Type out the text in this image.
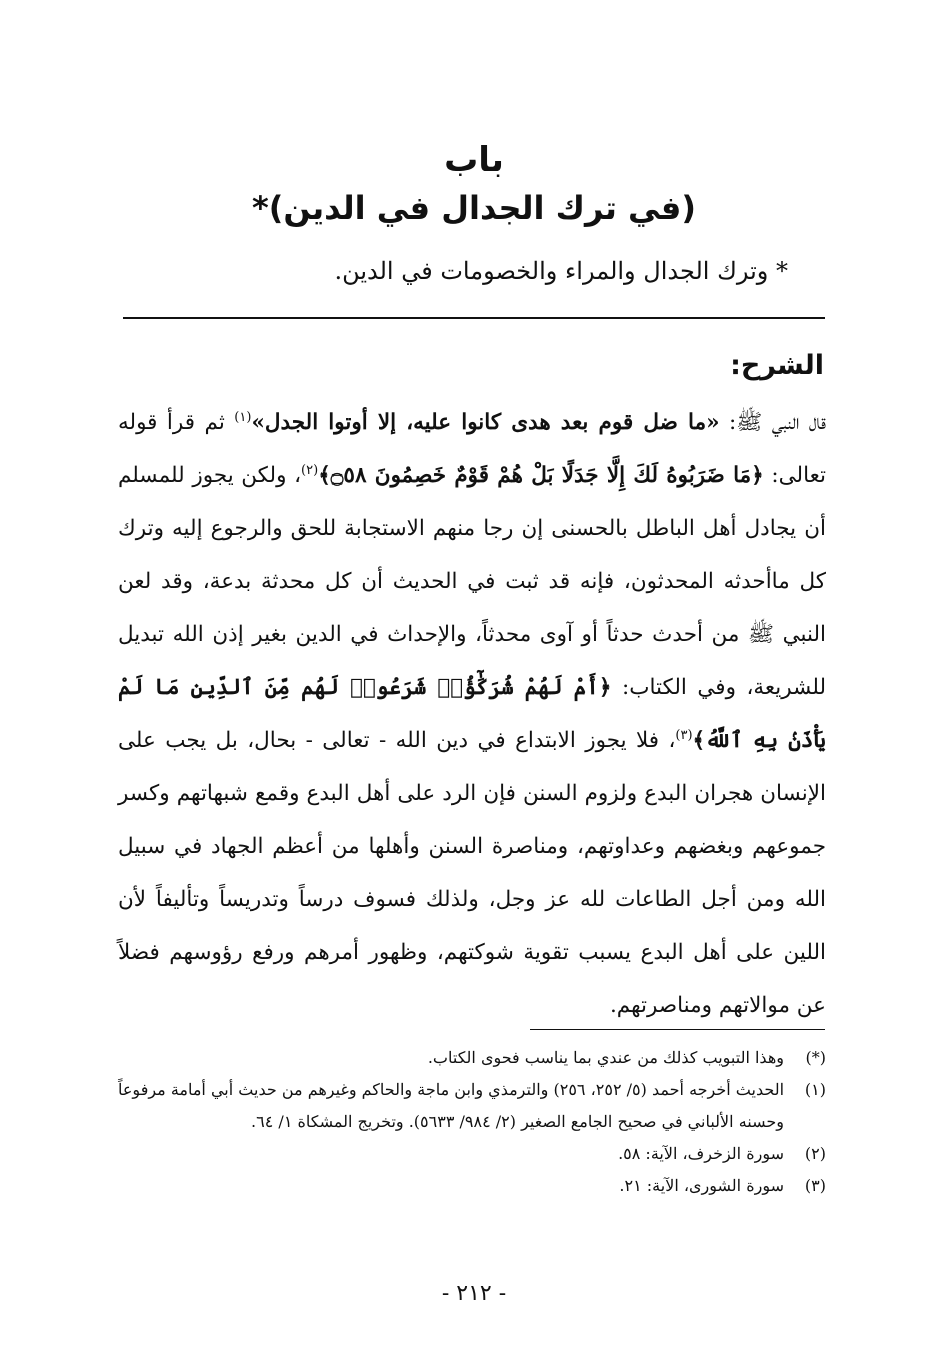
باب
(في ترك الجدال في الدين)*
* وترك الجدال والمراء والخصومات في الدين.
الشرح:

قال النبي ﷺ: «ما ضل قوم بعد هدى كانوا عليه، إلا أوتوا الجدل»$^{(١)}$ ثم قرأ قوله تعالى: ﴿مَا ضَرَبُوهُ لَكَ إِلَّا جَدَلًا بَلْ هُمْ قَوْمٌ خَصِمُونَ ۝٥٨﴾$^{(٢)}$، ولكن يجوز للمسلم أن يجادل أهل الباطل بالحسنى إن رجا منهم الاستجابة للحق والرجوع إليه وترك كل ماأحدثه المحدثون، فإنه قد ثبت في الحديث أن كل محدثة بدعة، وقد لعن النبي ﷺ من أحدث حدثاً أو آوى محدثاً، والإحداث في الدين بغير إذن الله تبديل للشريعة، وفي الكتاب: ﴿أَمْ لَهُمْ شُرَكَٰٓؤُا۟ شَرَعُوا۟ لَهُم مِّنَ ٱلدِّينِ مَا لَمْ يَأْذَنۢ بِهِ ٱللَّهُ﴾$^{(٣)}$، فلا يجوز الابتداع في دين الله - تعالى - بحال، بل يجب على الإنسان هجران البدع ولزوم السنن فإن الرد على أهل البدع وقمع شبهاتهم وكسر جموعهم وبغضهم وعداوتهم، ومناصرة السنن وأهلها من أعظم الجهاد في سبيل الله ومن أجل الطاعات لله عز وجل، ولذلك فسوف درساً وتدريساً وتأليفاً لأن اللين على أهل البدع يسبب تقوية شوكتهم، وظهور أمرهم ورفع رؤوسهم فضلاً عن موالاتهم ومناصرتهم.

(*)
وهذا التبويب كذلك من عندي بما يناسب فحوى الكتاب.
(١)
الحديث أخرجه أحمد (٥/ ٢٥٢، ٢٥٦) والترمذي وابن ماجة والحاكم وغيرهم من حديث أبي أمامة مرفوعاً وحسنه الألباني في صحيح الجامع الصغير (٢/ ٩٨٤/ ٥٦٣٣). وتخريج المشكاة ١/ ٦٤.
(٢)
سورة الزخرف، الآية: ٥٨.
(٣)
سورة الشورى، الآية: ٢١.
- ٢١٢ -
